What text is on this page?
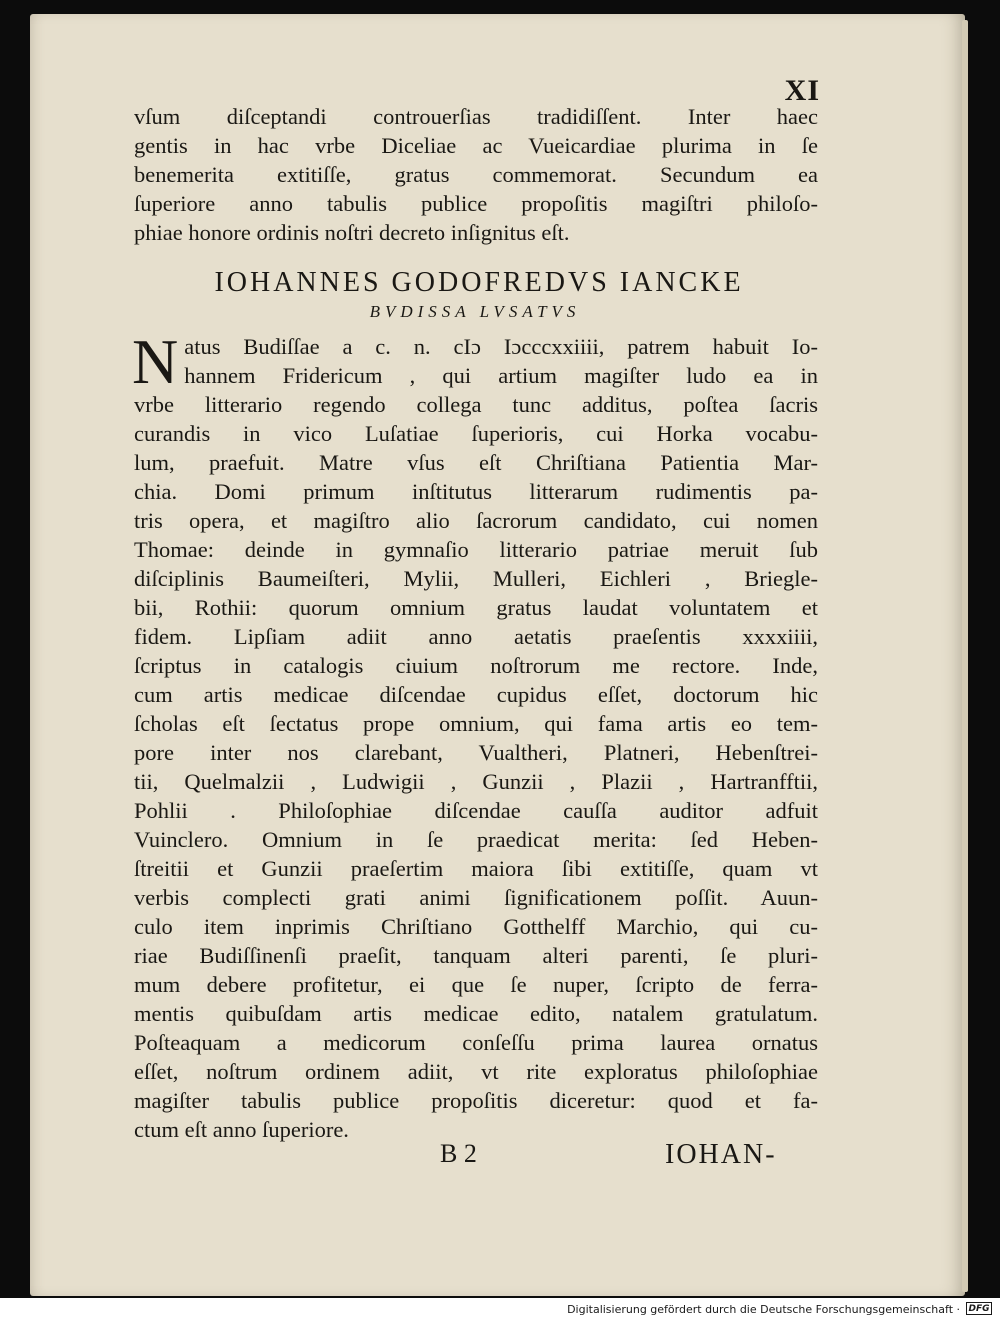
XI
vſum diſceptandi controuerſias tradidiſſent. Inter haec
gentis in hac vrbe Diceliae ac Vueicardiae plurima in ſe
benemerita extitiſſe, gratus commemorat. Secundum ea
ſuperiore anno tabulis publice propoſitis magiſtri philoſo-
phiae honore ordinis noſtri decreto inſignitus eſt.
IOHANNES GODOFREDVS IANCKE
BVDISSA LVSATVS
N atus Budiſſae a c. n. cIɔ Iɔcccxxiiii, patrem habuit Io-
hannem Fridericum , qui artium magiſter ludo ea in
vrbe litterario regendo collega tunc additus, poſtea ſacris
curandis in vico Luſatiae ſuperioris, cui Horka vocabu-
lum, praefuit. Matre vſus eſt Chriſtiana Patientia Mar-
chia. Domi primum inſtitutus litterarum rudimentis pa-
tris opera, et magiſtro alio ſacrorum candidato, cui nomen
Thomae: deinde in gymnaſio litterario patriae meruit ſub
diſciplinis Baumeiſteri, Mylii, Mulleri, Eichleri , Briegle-
bii, Rothii: quorum omnium gratus laudat voluntatem et
fidem. Lipſiam adiit anno aetatis praeſentis xxxxiiii,
ſcriptus in catalogis ciuium noſtrorum me rectore. Inde,
cum artis medicae diſcendae cupidus eſſet, doctorum hic
ſcholas eſt ſectatus prope omnium, qui fama artis eo tem-
pore inter nos clarebant, Vualtheri, Platneri, Hebenſtrei-
tii, Quelmalzii , Ludwigii , Gunzii , Plazii , Hartranfftii,
Pohlii . Philoſophiae diſcendae cauſſa auditor adfuit
Vuinclero. Omnium in ſe praedicat merita: ſed Heben-
ſtreitii et Gunzii praeſertim maiora ſibi extitiſſe, quam vt
verbis complecti grati animi ſignificationem poſſit. Auun-
culo item inprimis Chriſtiano Gotthelff Marchio, qui cu-
riae Budiſſinenſi praeſit, tanquam alteri parenti, ſe pluri-
mum debere profitetur, ei que ſe nuper, ſcripto de ferra-
mentis quibuſdam artis medicae edito, natalem gratulatum.
Poſteaquam a medicorum conſeſſu prima laurea ornatus
eſſet, noſtrum ordinem adiit, vt rite exploratus philoſophiae
magiſter tabulis publice propoſitis diceretur: quod et fa-
ctum eſt anno ſuperiore.
B 2	IOHAN-
Digitalisierung gefördert durch die Deutsche Forschungsgemeinschaft · DFG
